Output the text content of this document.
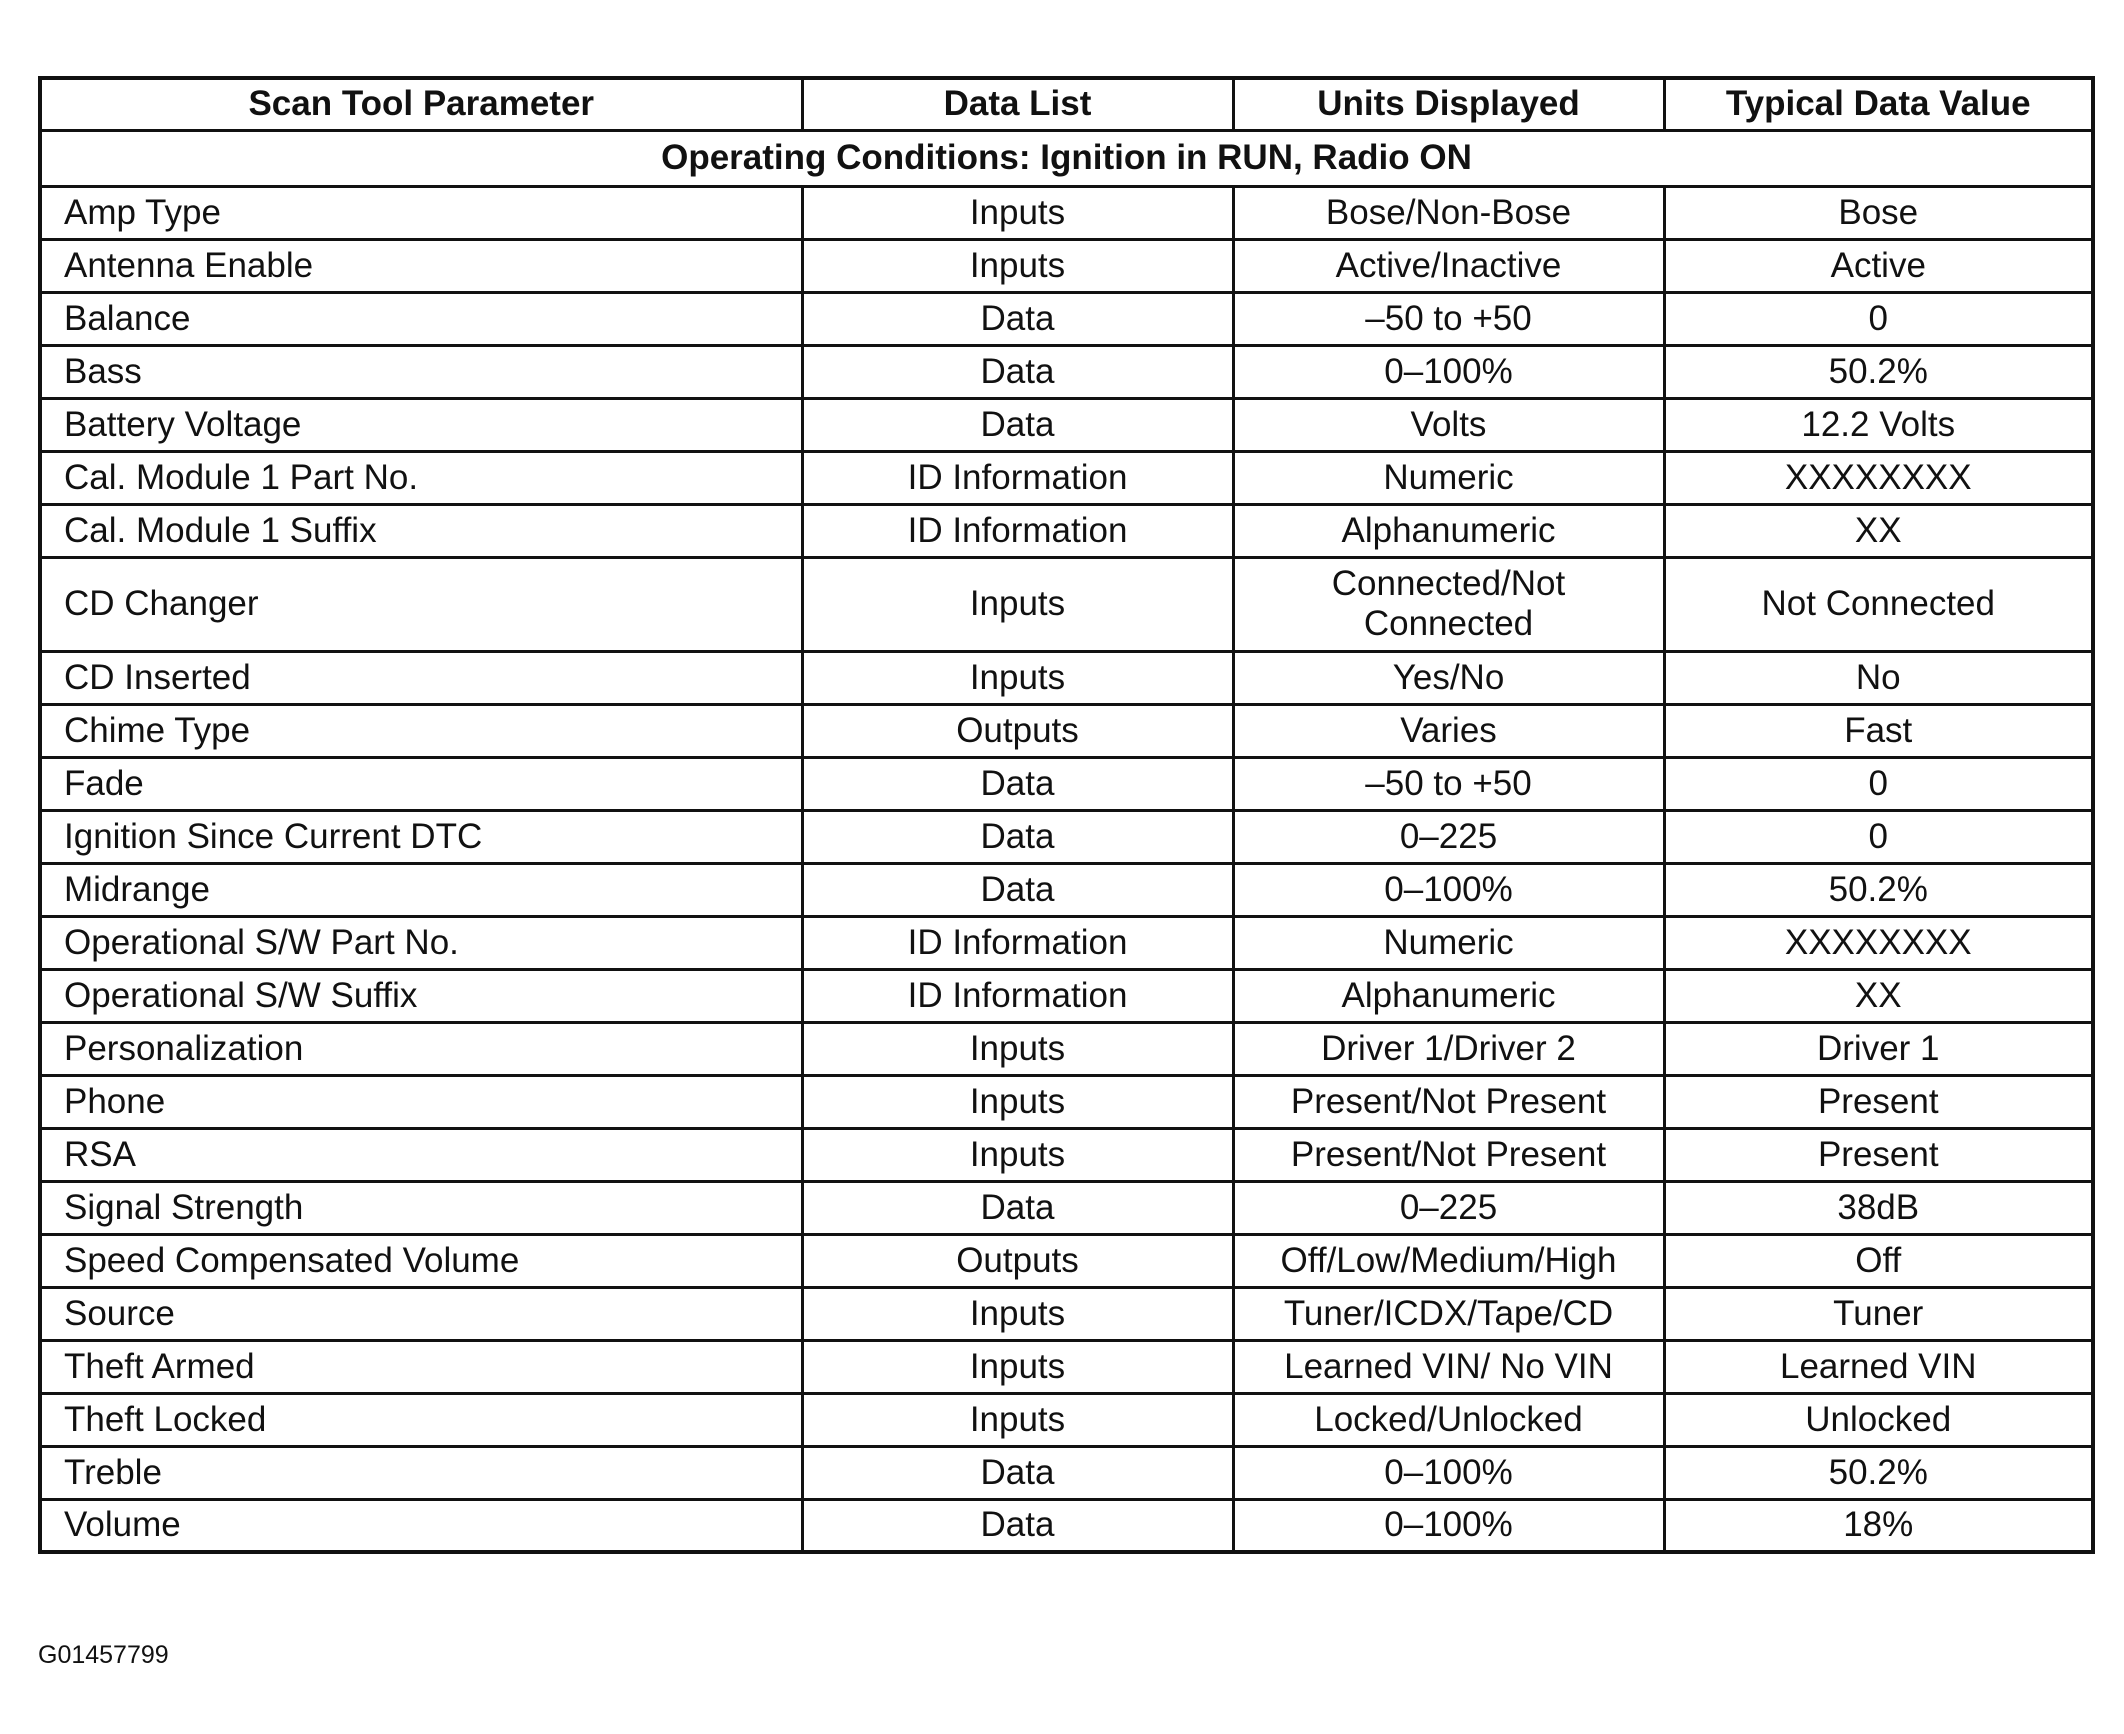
Scan Tool Parameter	Data List	Units Displayed	Typical Data Value
Operating Conditions: Ignition in RUN, Radio ON			
Amp Type	Inputs	Bose/Non-Bose	Bose
Antenna Enable	Inputs	Active/Inactive	Active
Balance	Data	–50 to +50	0
Bass	Data	0–100%	50.2%
Battery Voltage	Data	Volts	12.2 Volts
Cal. Module 1 Part No.	ID Information	Numeric	XXXXXXXX
Cal. Module 1 Suffix	ID Information	Alphanumeric	XX
CD Changer	Inputs	Connected/Not Connected	Not Connected
CD Inserted	Inputs	Yes/No	No
Chime Type	Outputs	Varies	Fast
Fade	Data	–50 to +50	0
Ignition Since Current DTC	Data	0–225	0
Midrange	Data	0–100%	50.2%
Operational S/W Part No.	ID Information	Numeric	XXXXXXXX
Operational S/W Suffix	ID Information	Alphanumeric	XX
Personalization	Inputs	Driver 1/Driver 2	Driver 1
Phone	Inputs	Present/Not Present	Present
RSA	Inputs	Present/Not Present	Present
Signal Strength	Data	0–225	38dB
Speed Compensated Volume	Outputs	Off/Low/Medium/High	Off
Source	Inputs	Tuner/ICDX/Tape/CD	Tuner
Theft Armed	Inputs	Learned VIN/ No VIN	Learned VIN
Theft Locked	Inputs	Locked/Unlocked	Unlocked
Treble	Data	0–100%	50.2%
Volume	Data	0–100%	18%
G01457799
